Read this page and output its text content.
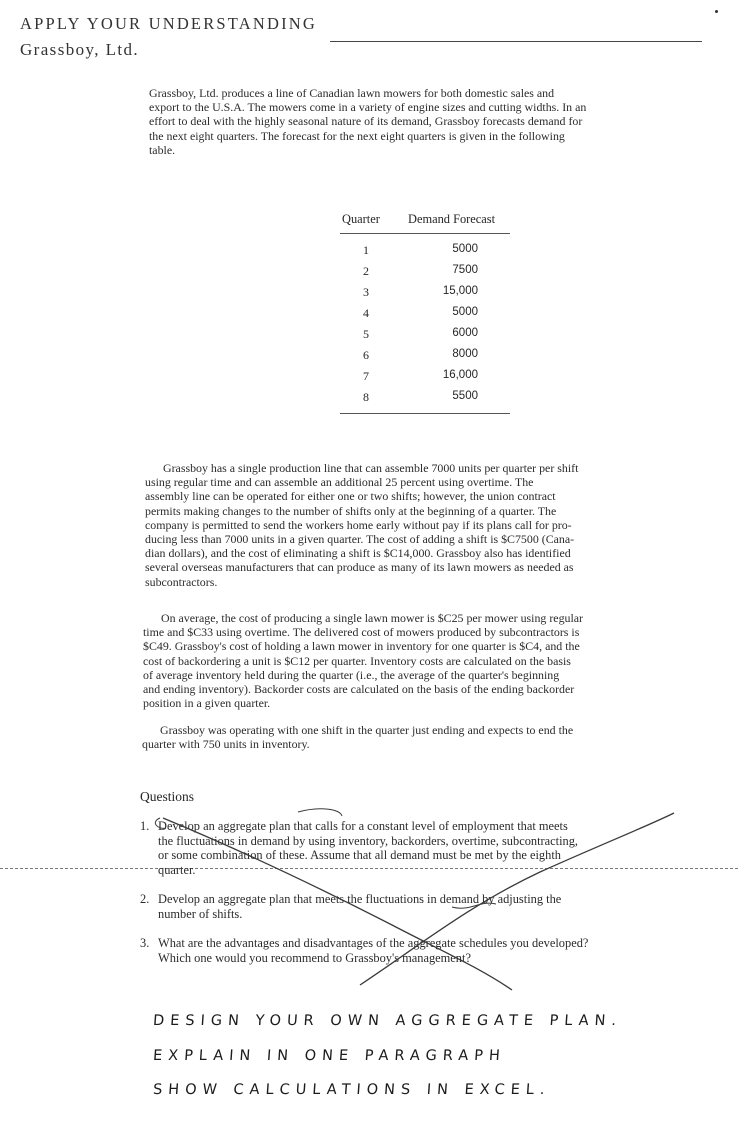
APPLY YOUR UNDERSTANDING
Grassboy, Ltd.
Grassboy, Ltd. produces a line of Canadian lawn mowers for both domestic sales and
export to the U.S.A. The mowers come in a variety of engine sizes and cutting widths. In an
effort to deal with the highly seasonal nature of its demand, Grassboy forecasts demand for
the next eight quarters. The forecast for the next eight quarters is given in the following
table.
Quarter Demand Forecast
1	5000
2	7500
3	15,000
4	5000
5	6000
6	8000
7	16,000
8	5500
Grassboy has a single production line that can assemble 7000 units per quarter per shift
using regular time and can assemble an additional 25 percent using overtime. The
assembly line can be operated for either one or two shifts; however, the union contract
permits making changes to the number of shifts only at the beginning of a quarter. The
company is permitted to send the workers home early without pay if its plans call for pro-
ducing less than 7000 units in a given quarter. The cost of adding a shift is $C7500 (Cana-
dian dollars), and the cost of eliminating a shift is $C14,000. Grassboy also has identified
several overseas manufacturers that can produce as many of its lawn mowers as needed as
subcontractors.
On average, the cost of producing a single lawn mower is $C25 per mower using regular
time and $C33 using overtime. The delivered cost of mowers produced by subcontractors is
$C49. Grassboy's cost of holding a lawn mower in inventory for one quarter is $C4, and the
cost of backordering a unit is $C12 per quarter. Inventory costs are calculated on the basis
of average inventory held during the quarter (i.e., the average of the quarter's beginning
and ending inventory). Backorder costs are calculated on the basis of the ending backorder
position in a given quarter.
Grassboy was operating with one shift in the quarter just ending and expects to end the
quarter with 750 units in inventory.
Questions
1. Develop an aggregate plan that calls for a constant level of employment that meets
the fluctuations in demand by using inventory, backorders, overtime, subcontracting,
or some combination of these. Assume that all demand must be met by the eighth
quarter.
2. Develop an aggregate plan that meets the fluctuations in demand by adjusting the
number of shifts.
3. What are the advantages and disadvantages of the aggregate schedules you developed?
Which one would you recommend to Grassboy's management?
DESIGN YOUR OWN AGGREGATE PLAN.
EXPLAIN IN ONE PARAGRAPH
SHOW CALCULATIONS IN EXCEL.
